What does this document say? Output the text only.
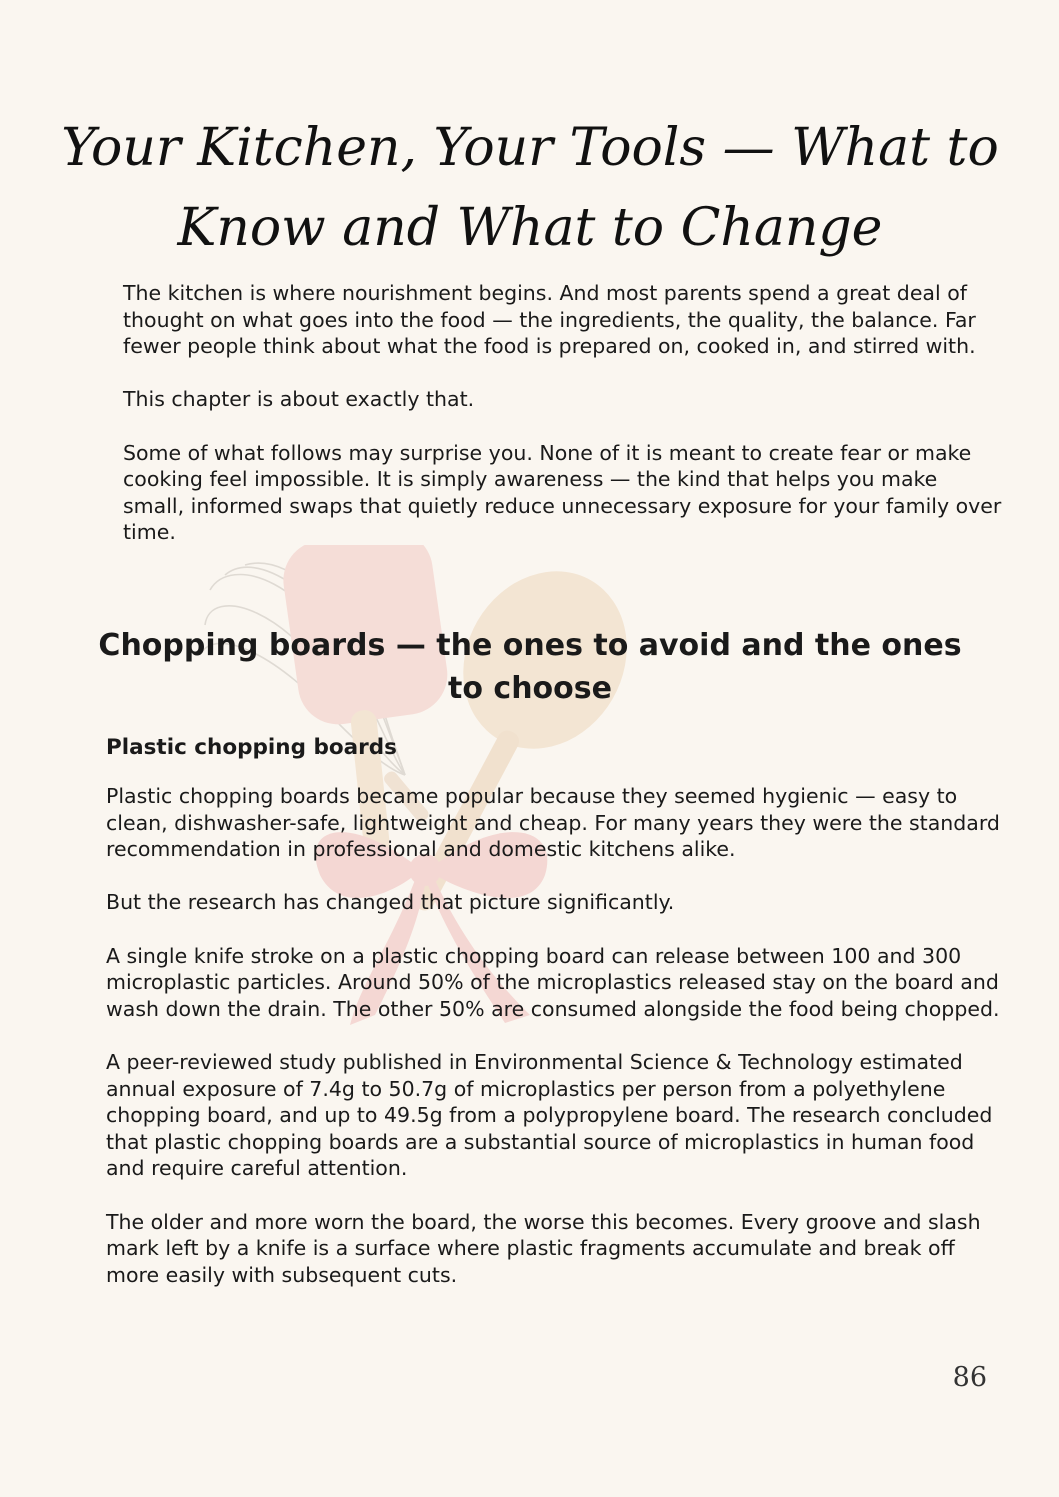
Your Kitchen, Your Tools — What to Know and What to Change

The kitchen is where nourishment begins. And most parents spend a great deal of thought on what goes into the food — the ingredients, the quality, the balance. Far fewer people think about what the food is prepared on, cooked in, and stirred with.

This chapter is about exactly that.

Some of what follows may surprise you. None of it is meant to create fear or make cooking feel impossible. It is simply awareness — the kind that helps you make small, informed swaps that quietly reduce unnecessary exposure for your family over time.

Chopping boards — the ones to avoid and the ones to choose
Plastic chopping boards

Plastic chopping boards became popular because they seemed hygienic — easy to clean, dishwasher-safe, lightweight and cheap. For many years they were the standard recommendation in professional and domestic kitchens alike.

But the research has changed that picture significantly.

A single knife stroke on a plastic chopping board can release between 100 and 300 microplastic particles. Around 50% of the microplastics released stay on the board and wash down the drain. The other 50% are consumed alongside the food being chopped.

A peer-reviewed study published in Environmental Science & Technology estimated annual exposure of 7.4g to 50.7g of microplastics per person from a polyethylene chopping board, and up to 49.5g from a polypropylene board. The research concluded that plastic chopping boards are a substantial source of microplastics in human food and require careful attention.

The older and more worn the board, the worse this becomes. Every groove and slash mark left by a knife is a surface where plastic fragments accumulate and break off more easily with subsequent cuts.

86
